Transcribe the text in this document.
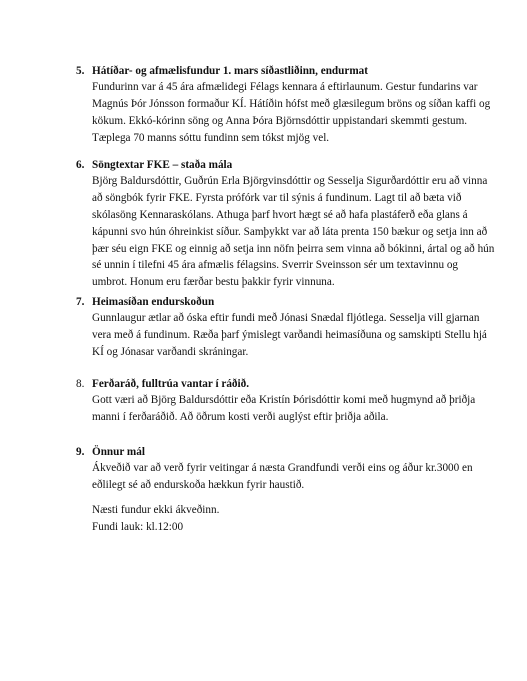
5. Hátíðar- og afmælisfundur 1. mars síðastliðinn, endurmat
Fundurinn var á 45 ára afmælidegi Félags kennara á eftirlaunum. Gestur fundarins var
Magnús Þór Jónsson formaður KÍ. Hátíðin hófst með glæsilegum bröns og síðan kaffi og
kökum. Ekkó-kórinn söng og Anna Þóra Björnsdóttir uppistandari skemmti gestum.
Tæplega 70 manns sóttu fundinn sem tókst mjög vel.
6. Söngtextar FKE – staða mála
Björg Baldursdóttir, Guðrún Erla Björgvinsdóttir og Sesselja Sigurðardóttir eru að vinna
að söngbók fyrir FKE. Fyrsta prófórk var til sýnis á fundinum. Lagt til að bæta við
skólasöng Kennaraskólans. Athuga þarf hvort hægt sé að hafa plastáferð eða glans á
kápunni svo hún óhreinkist síður. Samþykkt var að láta prenta 150 bækur og setja inn að
þær séu eign FKE og einnig að setja inn nöfn þeirra sem vinna að bókinni, ártal og að hún
sé unnin í tilefni 45 ára afmælis félagsins. Sverrir Sveinsson sér um textavinnu og
umbrot. Honum eru færðar bestu þakkir fyrir vinnuna.
7. Heimasíðan endurskoðun
Gunnlaugur ætlar að óska eftir fundi með Jónasi Snædal fljótlega. Sesselja vill gjarnan
vera með á fundinum. Ræða þarf ýmislegt varðandi heimasíðuna og samskipti Stellu hjá
KÍ og Jónasar varðandi skráningar.
8. Ferðaráð, fulltrúa vantar í ráðið.
Gott væri að Björg Baldursdóttir eða Kristín Þórisdóttir komi með hugmynd að þriðja
manni í ferðaráðið. Að öðrum kosti verði auglýst eftir þriðja aðila.
9. Önnur mál
Ákveðið var að verð fyrir veitingar á næsta Grandfundi verði eins og áður kr.3000 en
eðlilegt sé að endurskoða hækkun fyrir haustið.
Næsti fundur ekki ákveðinn.
Fundi lauk: kl.12:00
